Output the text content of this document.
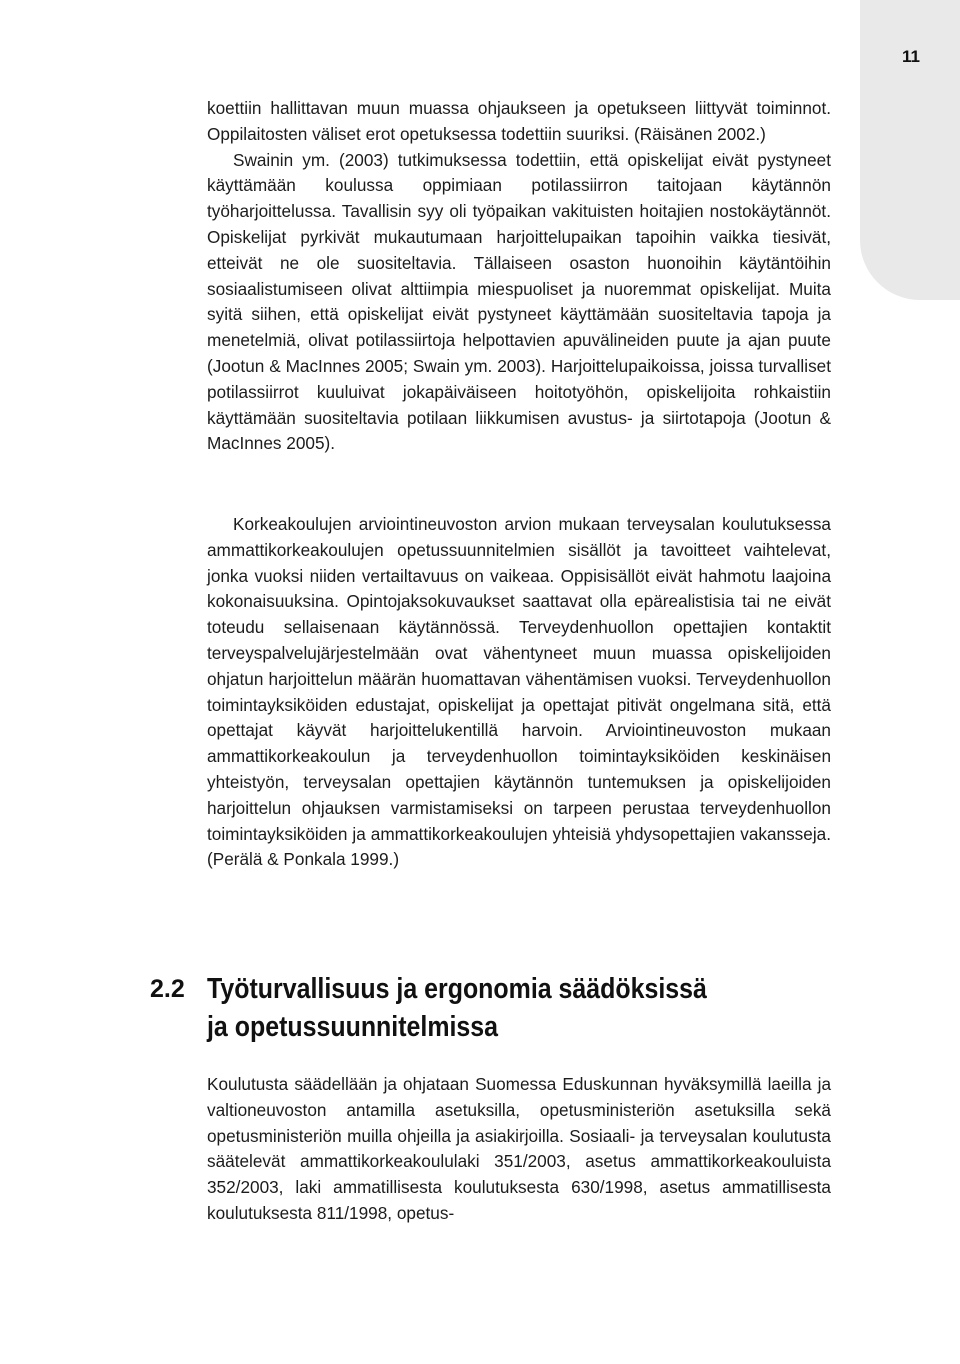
11

koettiin hallittavan muun muassa ohjaukseen ja opetukseen liittyvät toiminnot. Oppilaitosten väliset erot opetuksessa todettiin suuriksi. (Räisänen 2002.)

Swainin ym. (2003) tutkimuksessa todettiin, että opiskelijat eivät pystyneet käyttämään koulussa oppimiaan potilassiirron taitojaan käytännön työharjoittelussa. Tavallisin syy oli työpaikan vakituisten hoitajien nostokäytännöt. Opiskelijat pyrkivät mukautumaan harjoittelupaikan tapoihin vaikka tiesivät, etteivät ne ole suositeltavia. Tällaiseen osaston huonoihin käytäntöihin sosiaalistumiseen olivat alttiimpia miespuoliset ja nuoremmat opiskelijat. Muita syitä siihen, että opiskelijat eivät pystyneet käyttämään suositeltavia tapoja ja menetelmiä, olivat potilassiirtoja helpottavien apuvälineiden puute ja ajan puute (Jootun & MacInnes 2005; Swain ym. 2003). Harjoittelupaikoissa, joissa turvalliset potilassiirrot kuuluivat jokapäiväiseen hoitotyöhön, opiskelijoita rohkaistiin käyttämään suositeltavia potilaan liikkumisen avustus- ja siirtotapoja (Jootun & MacInnes 2005).

Korkeakoulujen arviointineuvoston arvion mukaan terveysalan koulutuksessa ammattikorkeakoulujen opetussuunnitelmien sisällöt ja tavoitteet vaihtelevat, jonka vuoksi niiden vertailtavuus on vaikeaa. Oppisisällöt eivät hahmotu laajoina kokonaisuuksina. Opintojaksokuvaukset saattavat olla epärealistisia tai ne eivät toteudu sellaisenaan käytännössä. Terveydenhuollon opettajien kontaktit terveyspalvelujärjestelmään ovat vähentyneet muun muassa opiskelijoiden ohjatun harjoittelun määrän huomattavan vähentämisen vuoksi. Terveydenhuollon toimintayksiköiden edustajat, opiskelijat ja opettajat pitivät ongelmana sitä, että opettajat käyvät harjoittelukentillä harvoin. Arviointineuvoston mukaan ammattikorkeakoulun ja terveydenhuollon toimintayksiköiden keskinäisen yhteistyön, terveysalan opettajien käytännön tuntemuksen ja opiskelijoiden harjoittelun ohjauksen varmistamiseksi on tarpeen perustaa terveydenhuollon toimintayksiköiden ja ammattikorkeakoulujen yhteisiä yhdysopettajien vakansseja. (Perälä & Ponkala 1999.)

2.2 Työturvallisuus ja ergonomia säädöksissä
ja opetussuunnitelmissa

Koulutusta säädellään ja ohjataan Suomessa Eduskunnan hyväksymillä laeilla ja valtioneuvoston antamilla asetuksilla, opetusministeriön asetuksilla sekä opetusministeriön muilla ohjeilla ja asiakirjoilla. Sosiaali- ja terveysalan koulutusta säätelevät ammattikorkeakoululaki 351/2003, asetus ammattikorkeakouluista 352/2003, laki ammatillisesta koulutuksesta 630/1998, asetus ammatillisesta koulutuksesta 811/1998, opetus-
